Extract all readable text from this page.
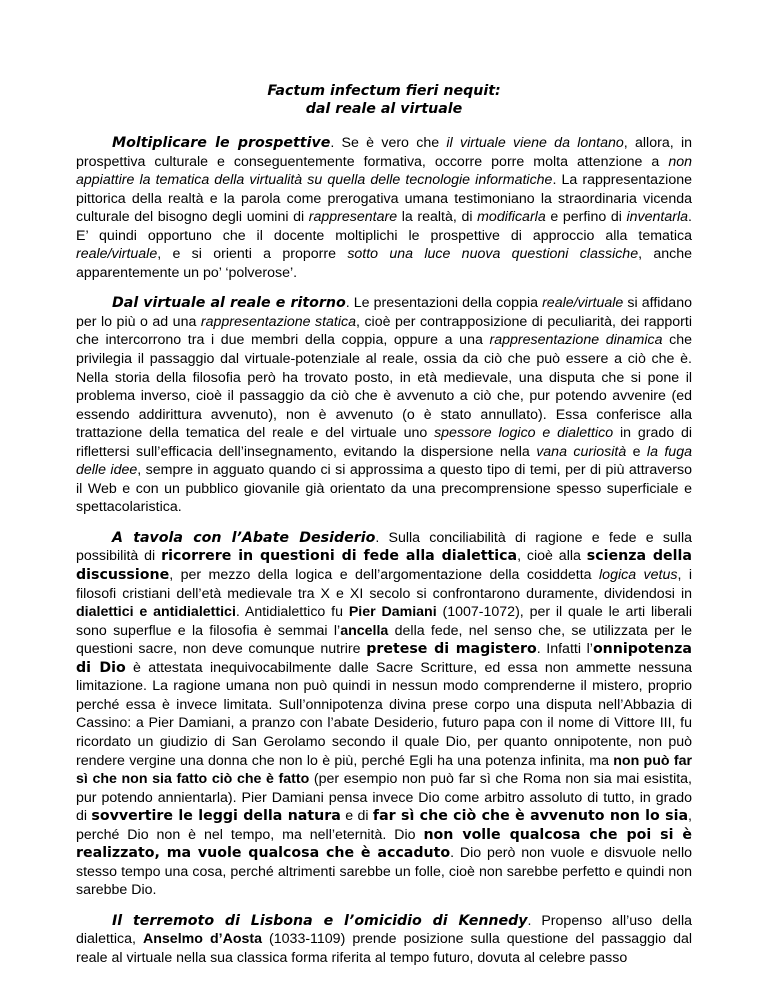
Factum infectum fieri nequit:
dal reale al virtuale

Moltiplicare le prospettive. Se è vero che il virtuale viene da lontano, allora, in prospettiva culturale e conseguentemente formativa, occorre porre molta attenzione a non appiattire la tematica della virtualità su quella delle tecnologie informatiche. La rappresentazione pittorica della realtà e la parola come prerogativa umana testimoniano la straordinaria vicenda culturale del bisogno degli uomini di rappresentare la realtà, di modificarla e perfino di inventarla. E’ quindi opportuno che il docente moltiplichi le prospettive di approccio alla tematica reale/virtuale, e si orienti a proporre sotto una luce nuova questioni classiche, anche apparentemente un po’ ‘polverose’.

Dal virtuale al reale e ritorno. Le presentazioni della coppia reale/virtuale si affidano per lo più o ad una rappresentazione statica, cioè per contrapposizione di peculiarità, dei rapporti che intercorrono tra i due membri della coppia, oppure a una rappresentazione dinamica che privilegia il passaggio dal virtuale-potenziale al reale, ossia da ciò che può essere a ciò che è. Nella storia della filosofia però ha trovato posto, in età medievale, una disputa che si pone il problema inverso, cioè il passaggio da ciò che è avvenuto a ciò che, pur potendo avvenire (ed essendo addirittura avvenuto), non è avvenuto (o è stato annullato). Essa conferisce alla trattazione della tematica del reale e del virtuale uno spessore logico e dialettico in grado di riflettersi sull’efficacia dell’insegnamento, evitando la dispersione nella vana curiosità e la fuga delle idee, sempre in agguato quando ci si approssima a questo tipo di temi, per di più attraverso il Web e con un pubblico giovanile già orientato da una precomprensione spesso superficiale e spettacolaristica.

A tavola con l’Abate Desiderio. Sulla conciliabilità di ragione e fede e sulla possibilità di ricorrere in questioni di fede alla dialettica, cioè alla scienza della discussione, per mezzo della logica e dell’argomentazione della cosiddetta logica vetus, i filosofi cristiani dell’età medievale tra X e XI secolo si confrontarono duramente, dividendosi in dialettici e antidialettici. Antidialettico fu Pier Damiani (1007-1072), per il quale le arti liberali sono superflue e la filosofia è semmai l’ancella della fede, nel senso che, se utilizzata per le questioni sacre, non deve comunque nutrire pretese di magistero. Infatti l’onnipotenza di Dio è attestata inequivocabilmente dalle Sacre Scritture, ed essa non ammette nessuna limitazione. La ragione umana non può quindi in nessun modo comprenderne il mistero, proprio perché essa è invece limitata. Sull’onnipotenza divina prese corpo una disputa nell’Abbazia di Cassino: a Pier Damiani, a pranzo con l’abate Desiderio, futuro papa con il nome di Vittore III, fu ricordato un giudizio di San Gerolamo secondo il quale Dio, per quanto onnipotente, non può rendere vergine una donna che non lo è più, perché Egli ha una potenza infinita, ma non può far sì che non sia fatto ciò che è fatto (per esempio non può far sì che Roma non sia mai esistita, pur potendo annientarla). Pier Damiani pensa invece Dio come arbitro assoluto di tutto, in grado di sovvertire le leggi della natura e di far sì che ciò che è avvenuto non lo sia, perché Dio non è nel tempo, ma nell’eternità. Dio non volle qualcosa che poi si è realizzato, ma vuole qualcosa che è accaduto. Dio però non vuole e disvuole nello stesso tempo una cosa, perché altrimenti sarebbe un folle, cioè non sarebbe perfetto e quindi non sarebbe Dio.

Il terremoto di Lisbona e l’omicidio di Kennedy. Propenso all’uso della dialettica, Anselmo d’Aosta (1033-1109) prende posizione sulla questione del passaggio dal reale al virtuale nella sua classica forma riferita al tempo futuro, dovuta al celebre passo
